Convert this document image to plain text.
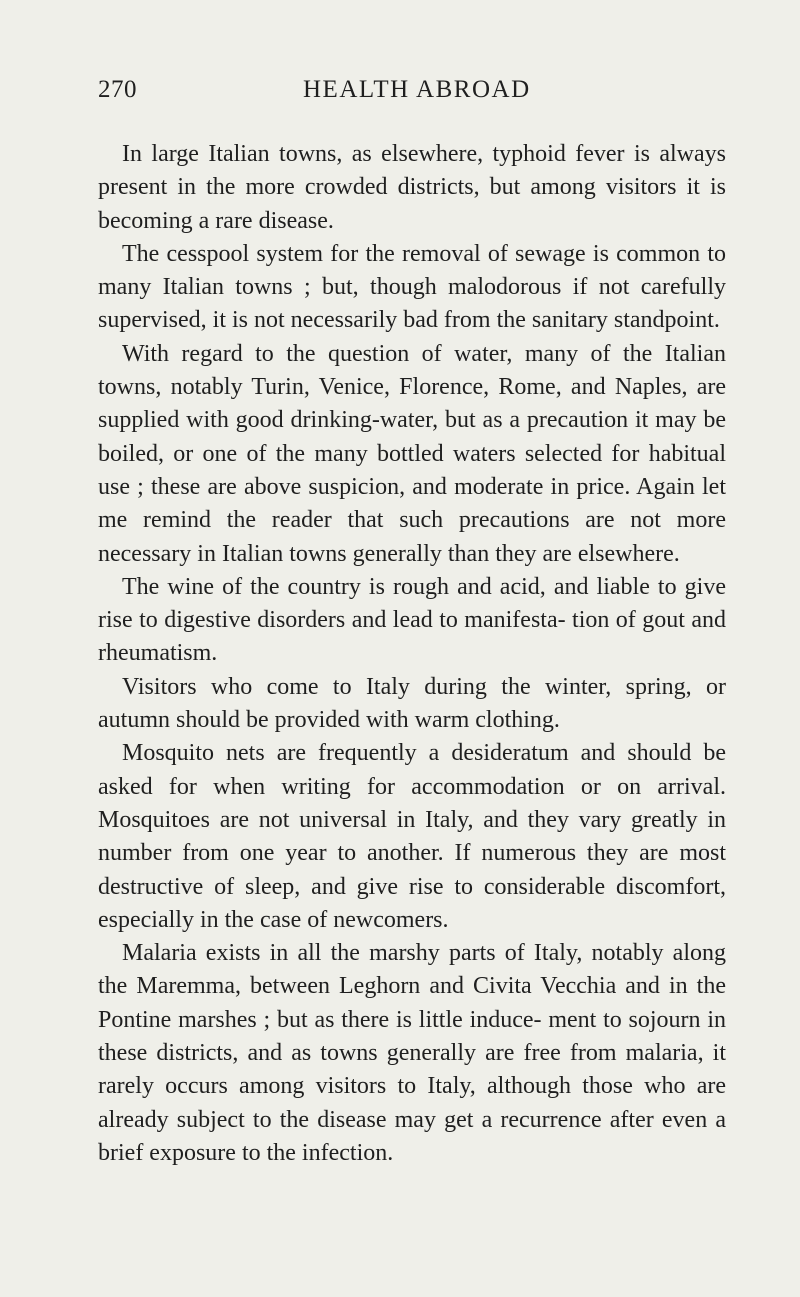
270	HEALTH ABROAD

In large Italian towns, as elsewhere, typhoid fever is always present in the more crowded districts, but among visitors it is becoming a rare disease.

The cesspool system for the removal of sewage is common to many Italian towns ; but, though malodorous if not carefully supervised, it is not necessarily bad from the sanitary standpoint.

With regard to the question of water, many of the Italian towns, notably Turin, Venice, Florence, Rome, and Naples, are supplied with good drinking-water, but as a precaution it may be boiled, or one of the many bottled waters selected for habitual use ; these are above suspicion, and moderate in price. Again let me remind the reader that such precautions are not more necessary in Italian towns generally than they are elsewhere.

The wine of the country is rough and acid, and liable to give rise to digestive disorders and lead to manifesta- tion of gout and rheumatism.

Visitors who come to Italy during the winter, spring, or autumn should be provided with warm clothing.

Mosquito nets are frequently a desideratum and should be asked for when writing for accommodation or on arrival. Mosquitoes are not universal in Italy, and they vary greatly in number from one year to another. If numerous they are most destructive of sleep, and give rise to considerable discomfort, especially in the case of newcomers.

Malaria exists in all the marshy parts of Italy, notably along the Maremma, between Leghorn and Civita Vecchia and in the Pontine marshes ; but as there is little induce- ment to sojourn in these districts, and as towns generally are free from malaria, it rarely occurs among visitors to Italy, although those who are already subject to the disease may get a recurrence after even a brief exposure to the infection.
